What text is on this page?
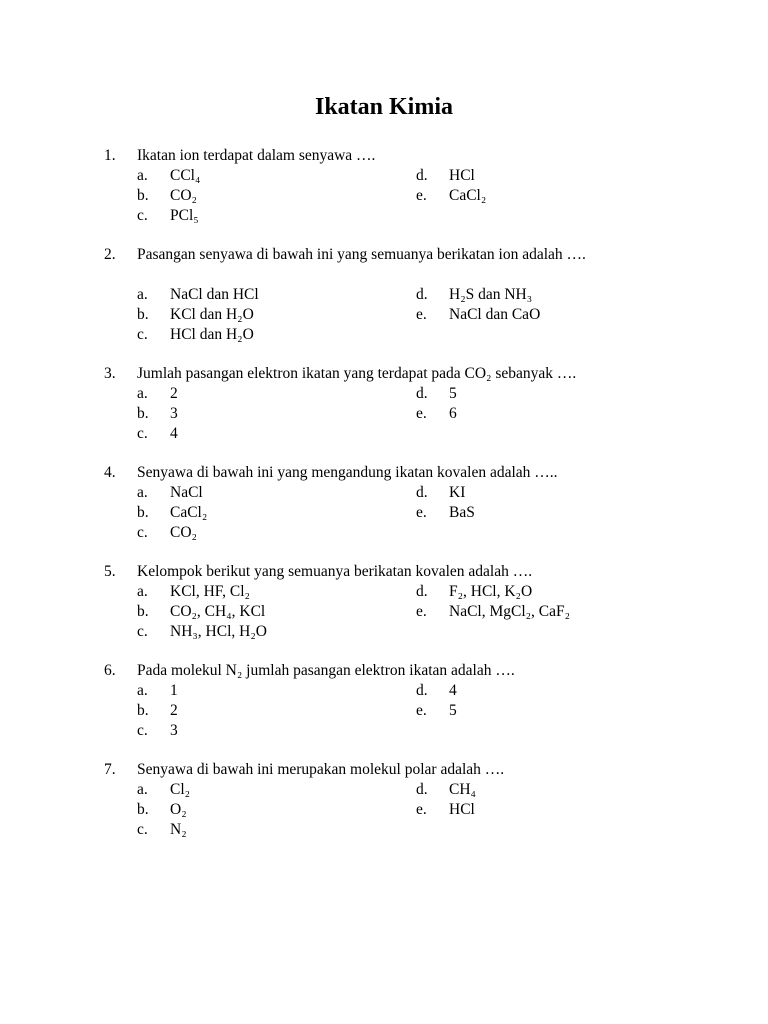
Ikatan Kimia
1. Ikatan ion terdapat dalam senyawa ….
a. CCl₄
b. CO₂
c. PCl₅
d. HCl
e. CaCl₂
2. Pasangan senyawa di bawah ini yang semuanya berikatan ion adalah ….
a. NaCl dan HCl
b. KCl dan H₂O
c. HCl dan H₂O
d. H₂S dan NH₃
e. NaCl dan CaO
3. Jumlah pasangan elektron ikatan yang terdapat pada CO₂ sebanyak ….
a. 2
b. 3
c. 4
d. 5
e. 6
4. Senyawa di bawah ini yang mengandung ikatan kovalen adalah …..
a. NaCl
b. CaCl₂
c. CO₂
d. KI
e. BaS
5. Kelompok berikut yang semuanya berikatan kovalen adalah ….
a. KCl, HF, Cl₂
b. CO₂, CH₄, KCl
c. NH₃, HCl, H₂O
d. F₂, HCl, K₂O
e. NaCl, MgCl₂, CaF₂
6. Pada molekul N₂ jumlah pasangan elektron ikatan adalah ….
a. 1
b. 2
c. 3
d. 4
e. 5
7. Senyawa di bawah ini merupakan molekul polar adalah ….
a. Cl₂
b. O₂
c. N₂
d. CH₄
e. HCl
